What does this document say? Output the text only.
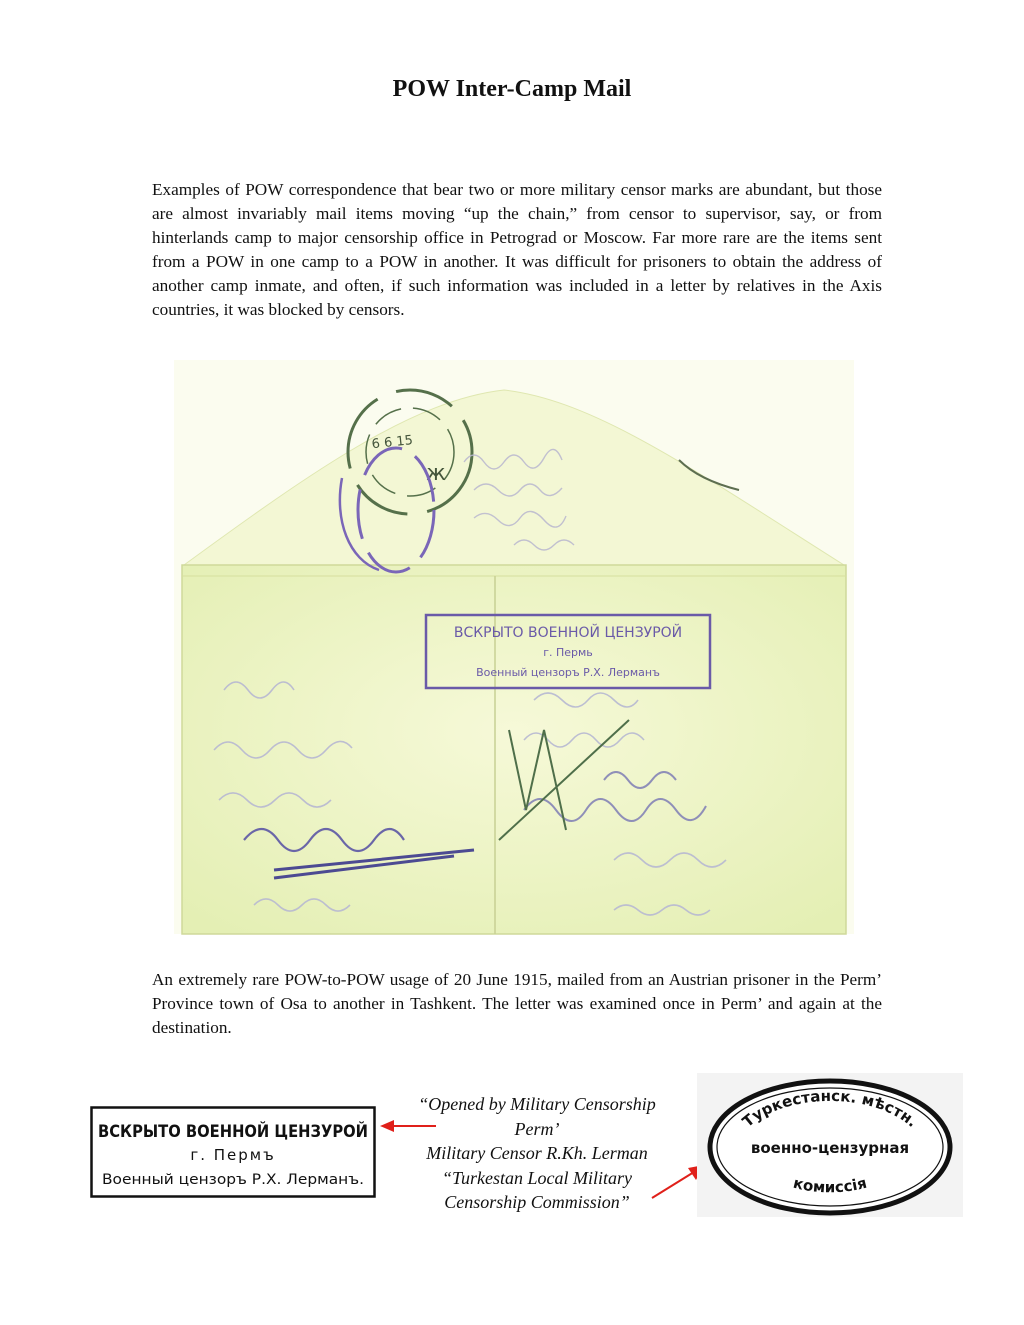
POW Inter-Camp Mail

Examples of POW correspondence that bear two or more military censor marks are abundant, but those are almost invariably mail items moving “up the chain,” from censor to supervisor, say, or from hinterlands camp to major censorship office in Petrograd or Moscow. Far more rare are the items sent from a POW in one camp to a POW in another. It was difficult for prisoners to obtain the address of another camp inmate, and often, if such information was included in a letter by relatives in the Axis countries, it was blocked by censors.

6 6 15
ж
ВСКРЫТО ВОЕННОЙ ЦЕНЗУРОЙ
г. Пермь
Военный цензоръ Р.Х. Лерманъ

An extremely rare POW-to-POW usage of 20 June 1915, mailed from an Austrian prisoner in the Perm’ Province town of Osa to another in Tashkent. The letter was examined once in Perm’ and again at the destination.

ВСКРЫТО ВОЕННОЙ ЦЕНЗУРОЙ
г. Пермъ
Военный цензоръ Р.Х. Лерманъ.
“Opened by Military Censorship
Perm’
Military Censor R.Kh. Lerman
“Turkestan Local Military
Censorship Commission”
Туркестанск. мѣстн.
военно-цензурная
комиссія
